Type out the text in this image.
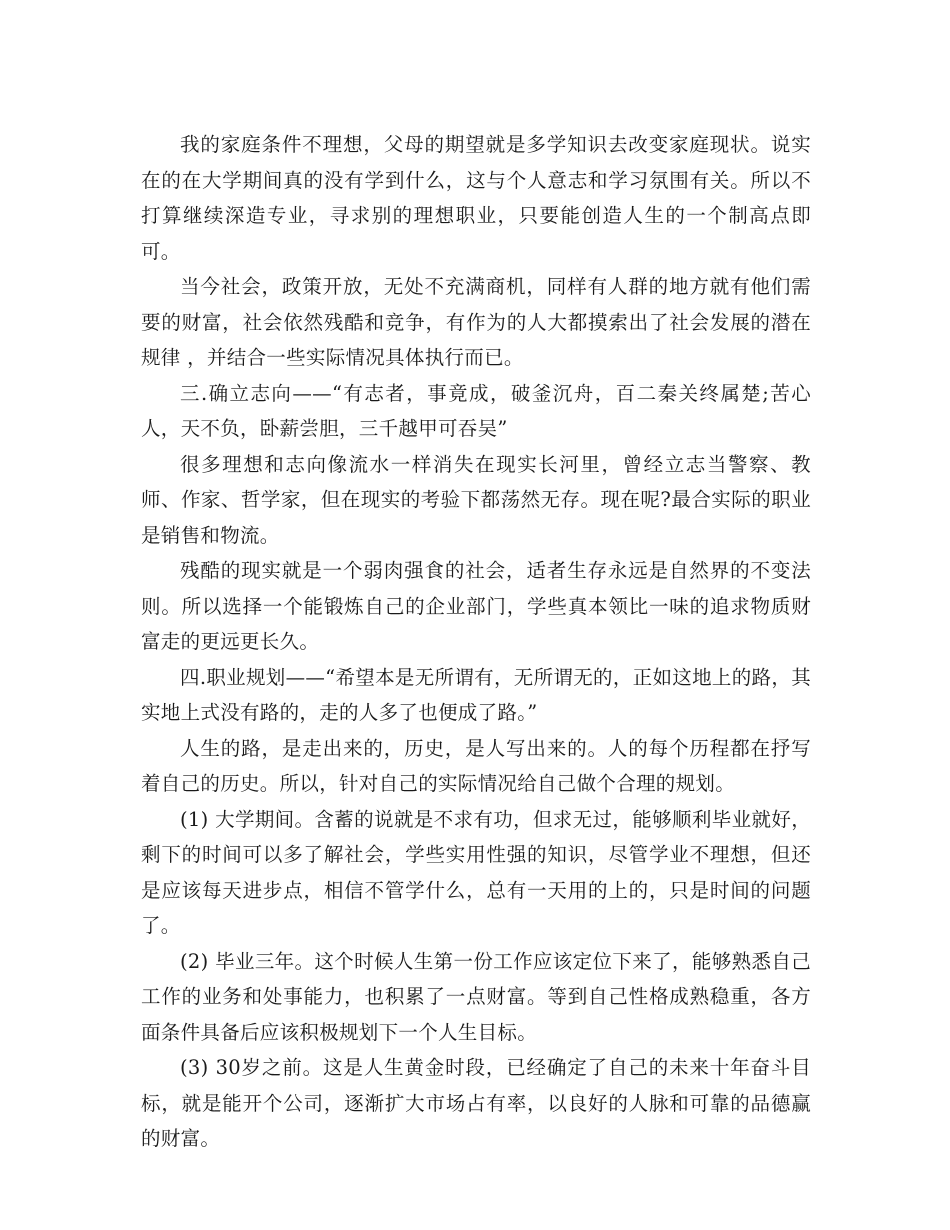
我的家庭条件不理想，父母的期望就是多学知识去改变家庭现状。说实在的在大学期间真的没有学到什么，这与个人意志和学习氛围有关。所以不打算继续深造专业，寻求别的理想职业，只要能创造人生的一个制高点即可。

当今社会，政策开放，无处不充满商机，同样有人群的地方就有他们需要的财富，社会依然残酷和竞争，有作为的人大都摸索出了社会发展的潜在规律 ，并结合一些实际情况具体执行而已。

三.确立志向——“有志者，事竟成，破釜沉舟，百二秦关终属楚;苦心人，天不负，卧薪尝胆，三千越甲可吞吴”

很多理想和志向像流水一样消失在现实长河里，曾经立志当警察、教师、作家、哲学家，但在现实的考验下都荡然无存。现在呢?最合实际的职业是销售和物流。

残酷的现实就是一个弱肉强食的社会，适者生存永远是自然界的不变法则。所以选择一个能锻炼自己的企业部门，学些真本领比一味的追求物质财富走的更远更长久。

四.职业规划——“希望本是无所谓有，无所谓无的，正如这地上的路，其实地上式没有路的，走的人多了也便成了路。”

人生的路，是走出来的，历史，是人写出来的。人的每个历程都在抒写着自己的历史。所以，针对自己的实际情况给自己做个合理的规划。

(1) 大学期间。含蓄的说就是不求有功，但求无过，能够顺利毕业就好，剩下的时间可以多了解社会，学些实用性强的知识，尽管学业不理想，但还是应该每天进步点，相信不管学什么，总有一天用的上的，只是时间的问题了。

(2) 毕业三年。这个时候人生第一份工作应该定位下来了，能够熟悉自己工作的业务和处事能力，也积累了一点财富。等到自己性格成熟稳重，各方面条件具备后应该积极规划下一个人生目标。

(3) 30岁之前。这是人生黄金时段，已经确定了自己的未来十年奋斗目标，就是能开个公司，逐渐扩大市场占有率，以良好的人脉和可靠的品德赢的财富。
